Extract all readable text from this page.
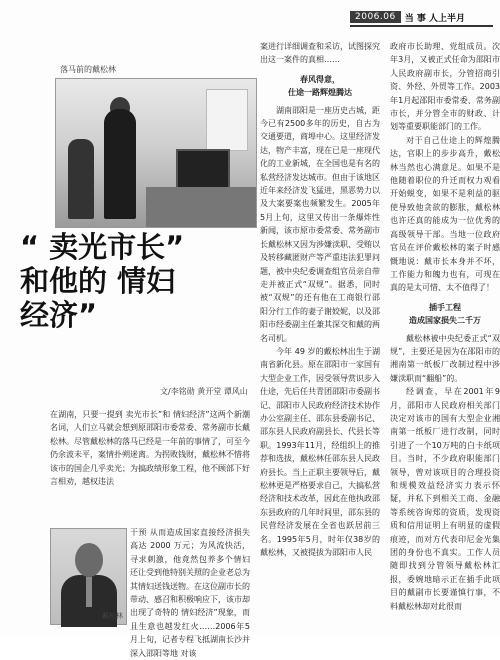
2006.06	当 事 人上半月
落马前的戴松林
“ 卖光市长”
和他的 情妇
经济”
文/李铭勋 黄开堂 谭风山

在湖南，只要一提到 卖光市长”和 情妇经济”这两个新潮名词，人们立马就会想到原邵阳市委常委、常务副市长戴松林。尽管戴松林的落马已经是一年前的事情了，可至今仍余波未平，案情扑朔迷离。为拐败钱财，戴松林不惜将该市的国企几乎卖光；为搞政绩形象工程，他不顾部下好言相劝，越权违法

戴松林

干预 从而造成国家直接经济损失高达 2000 万元；为风流快活，寻求刺激，他竟然包养多个情妇 还让受到他特别关照的企业老总为其情妇送钱送物。在这位副市长的带动、感召和积极响应下，该市却出现了奇特的 情妇经济”现象，而且生意也越发红火……2006年5月上旬，记者专程飞抵湖南长沙并深入邵阳等地 对该

案进行详细调查和采访，试图探究出这一案件的真相……

春风得意，
仕途一路辉煌腾达

湖南邵阳是一座历史古城，距今已有2500多年的历史，自古为交通要道，商埠中心。这里经济发达，物产丰富，现在已是一座现代化的工业新城，在全国也是有名的私营经济发达城市。但由于该地区近年来经济发飞猛进，黑恶势力以及大案要案也频繁发生。2005年5月上旬，这里又传出一条爆炸性新闻，该市原市委常委、常务副市长戴松林又因为涉嫌渎职、受贿以及转移藏匿财产等严重违法犯罪问题，被中央纪委调查组官员亲自带走并被正式“双规”。据悉，同时被“双规”的还有他在工商银行邵阳分行工作的妻子谢姣妮，以及邵阳市经委副主任兼其深交和戴的两名司机。

今年 49 岁的戴松林出生于湖南省新化县。原在邵阳市一家国有大型企业工作，因受领导赏识步入仕途，先后任共青团邵阳市委副书记、邵阳市人民政府经济技术协作办公室副主任、邵东县委副书记、邵东县人民政府副县长、代县长等职。1993年11月，经组织上的推荐和选拔，戴松林任邵东县人民政府县长。当上正职主要领导后，戴松林更是严格要求自己，大搞私营经济和技术改革，因此在他执政邵东县政府的几年时间里，邵东县的民营经济发展在全省也跃居前三名。1995年5月，时年仅38岁的戴松林，又被提拔为邵阳市人民

政府市长助理、党组成员。次年3月，又被正式任命为邵阳市人民政府副市长，分管招商引资、外经、外贸等工作。2003年1月起邵阳市委常委、常务副市长，并分管全市的财政、计划等重要职能部门的工作。

对于自己仕途上的辉煌腾达，官职上的步步高升，戴松林当然也心满意足。如果不是他随着职位的升迁而权力观看开始蜕变，如果不是利益的驱使导致他贪欲的膨胀，戴松林也许还真的能成为一位优秀的高级领导干部。当地一位政府官员在评价戴松林的案子时感慨地说：戴市长本身并不坏，工作能力和魄力也有，可现在真的是太可惜、太不值得了！

插手工程
造成国家损失二千万

戴松林被中央纪委正式“双规”，主要还是因为在邵阳市的湘南第一纸板厂改制过程中涉嫌渎职而“翻船”的。

经调查，早在2001年9月，邵阳市人民政府相关部门决定对该市的国有大型企业湘南第一纸板厂进行改制，同时引进了一个10万吨的白卡纸项目。当时，不少政府职能部门领导，曾对该项目的合理投资和规模效益经济实力表示怀疑，并私下到相关工商、金融等系统咨询郑的资质，发现资质和信用证明上有明显的虚假痕迹，而对方代表印尼金光集团的身份也不真实。工作人员随即找到分管领导戴松林汇报，委婉地暗示正在插手此项目的戴副市长要谨慎行事，不料戴松林却对此很而
